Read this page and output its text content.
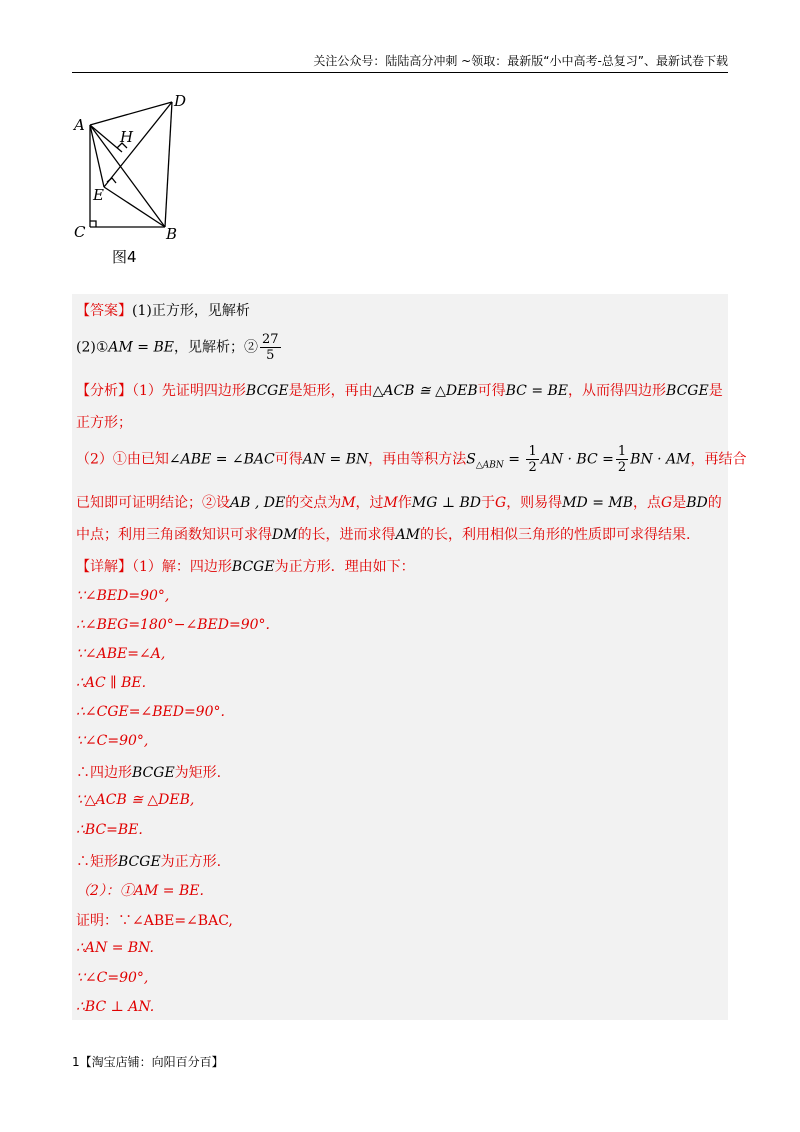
关注公众号：陆陆高分冲刺 ~领取：最新版“小中高考-总复习”、最新试卷下载
A
D
H
E
C	B
图4
【答案】(1)正方形，见解析
(2)①AM = BE，见解析；② $\frac{27}{5}$
【分析】（1）先证明四边形BCGE是矩形，再由△ACB ≅ △DEB可得BC = BE，从而得四边形BCGE是
正方形；
（2）①由已知∠ABE = ∠BAC可得AN = BN，再由等积方法$S_{\triangle ABN} = \frac{1}{2}$ AN · BC = $\frac{1}{2}$ BN · AM，再结合
已知即可证明结论；②设AB , DE的交点为M，过M作MG ⊥ BD于G，则易得MD = MB，点G是BD的
中点；利用三角函数知识可求得DM的长，进而求得AM的长，利用相似三角形的性质即可求得结果.
【详解】（1）解：四边形BCGE为正方形．理由如下：
∵∠BED=90°,
∴∠BEG=180°−∠BED=90°.
∵∠ABE=∠A,
∴AC ∥ BE.
∴∠CGE=∠BED=90°.
∵∠C=90°,
∴四边形BCGE为矩形.
∵△ACB ≅ △DEB,
∴BC=BE.
∴矩形BCGE为正方形.
（2）：①AM = BE.
证明：∵∠ABE=∠BAC,
∴AN = BN.
∵∠C=90°,
∴BC ⊥ AN.
1【淘宝店铺：向阳百分百】
